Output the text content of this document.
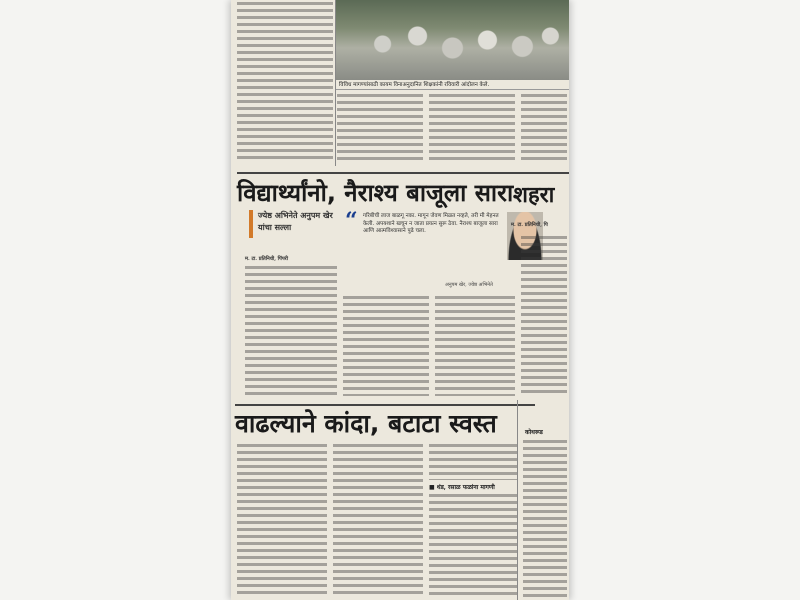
विविध मागण्यांसाठी कायम विनाअनुदानित शिक्षकांनी रविवारी आंदोलन केले.
विद्यार्थ्यांनो, नैराश्य बाजूला सारा शहरा
ज्येष्ठ अभिनेते अनुपम खेर यांचा सल्ला	“ गरिबीची लाज बाळगू नका. मागून जेवण मिळत नव्हते, तरी मी मेहनत केली. अपयशाने खचून न जाता प्रयत्न सुरू ठेवा. नैराश्य बाजूला सारा आणि आत्मविश्वासाने पुढे चला.
अनुपम खेर, ज्येष्ठ अभिनेते
म. टा. प्रतिनिधी, पिंपरी
म. टा. प्रतिनिधी, पि
वाढल्याने कांदा, बटाटा स्वस्त
■ थंड, रसाळ फळांना मागणी
कोथरूड
